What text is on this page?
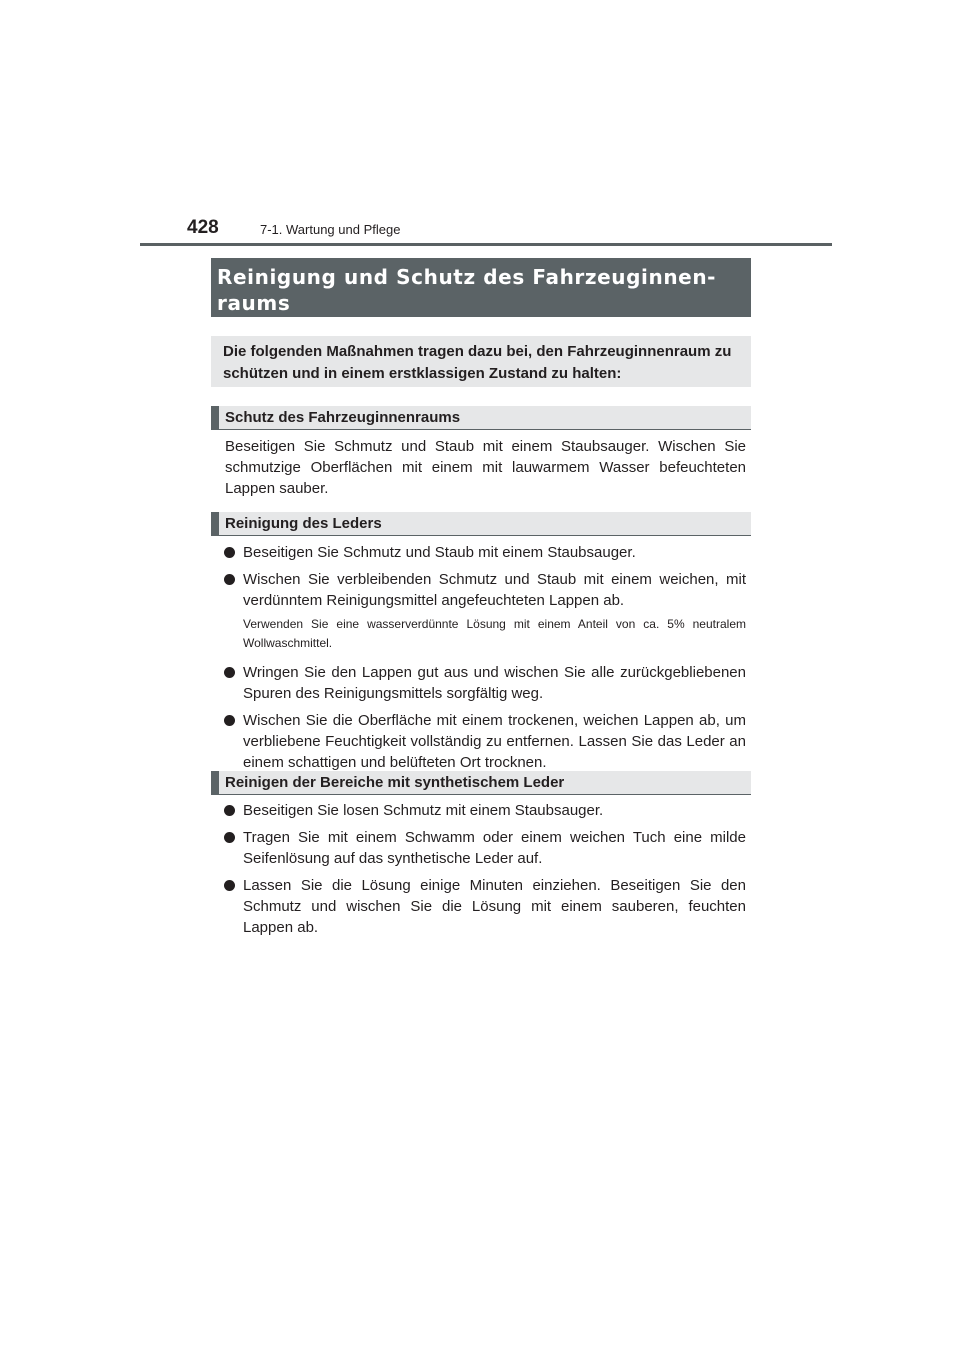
428	7-1. Wartung und Pflege
Reinigung und Schutz des Fahrzeuginnen-
raums
Die folgenden Maßnahmen tragen dazu bei, den Fahrzeuginnenraum zu
schützen und in einem erstklassigen Zustand zu halten:
Schutz des Fahrzeuginnenraums

Beseitigen Sie Schmutz und Staub mit einem Staubsauger. Wischen Sie schmutzige Oberflächen mit einem mit lauwarmem Wasser befeuchteten Lappen sauber.

Reinigung des Leders
Beseitigen Sie Schmutz und Staub mit einem Staubsauger.
Wischen Sie verbleibenden Schmutz und Staub mit einem weichen, mit verdünntem Reinigungsmittel angefeuchteten Lappen ab.
Verwenden Sie eine wasserverdünnte Lösung mit einem Anteil von ca. 5% neutralem Wollwaschmittel.
Wringen Sie den Lappen gut aus und wischen Sie alle zurückgebliebenen Spuren des Reinigungsmittels sorgfältig weg.
Wischen Sie die Oberfläche mit einem trockenen, weichen Lappen ab, um verbliebene Feuchtigkeit vollständig zu entfernen. Lassen Sie das Leder an einem schattigen und belüfteten Ort trocknen.
Reinigen der Bereiche mit synthetischem Leder
Beseitigen Sie losen Schmutz mit einem Staubsauger.
Tragen Sie mit einem Schwamm oder einem weichen Tuch eine milde Seifenlösung auf das synthetische Leder auf.
Lassen Sie die Lösung einige Minuten einziehen. Beseitigen Sie den Schmutz und wischen Sie die Lösung mit einem sauberen, feuchten Lappen ab.
